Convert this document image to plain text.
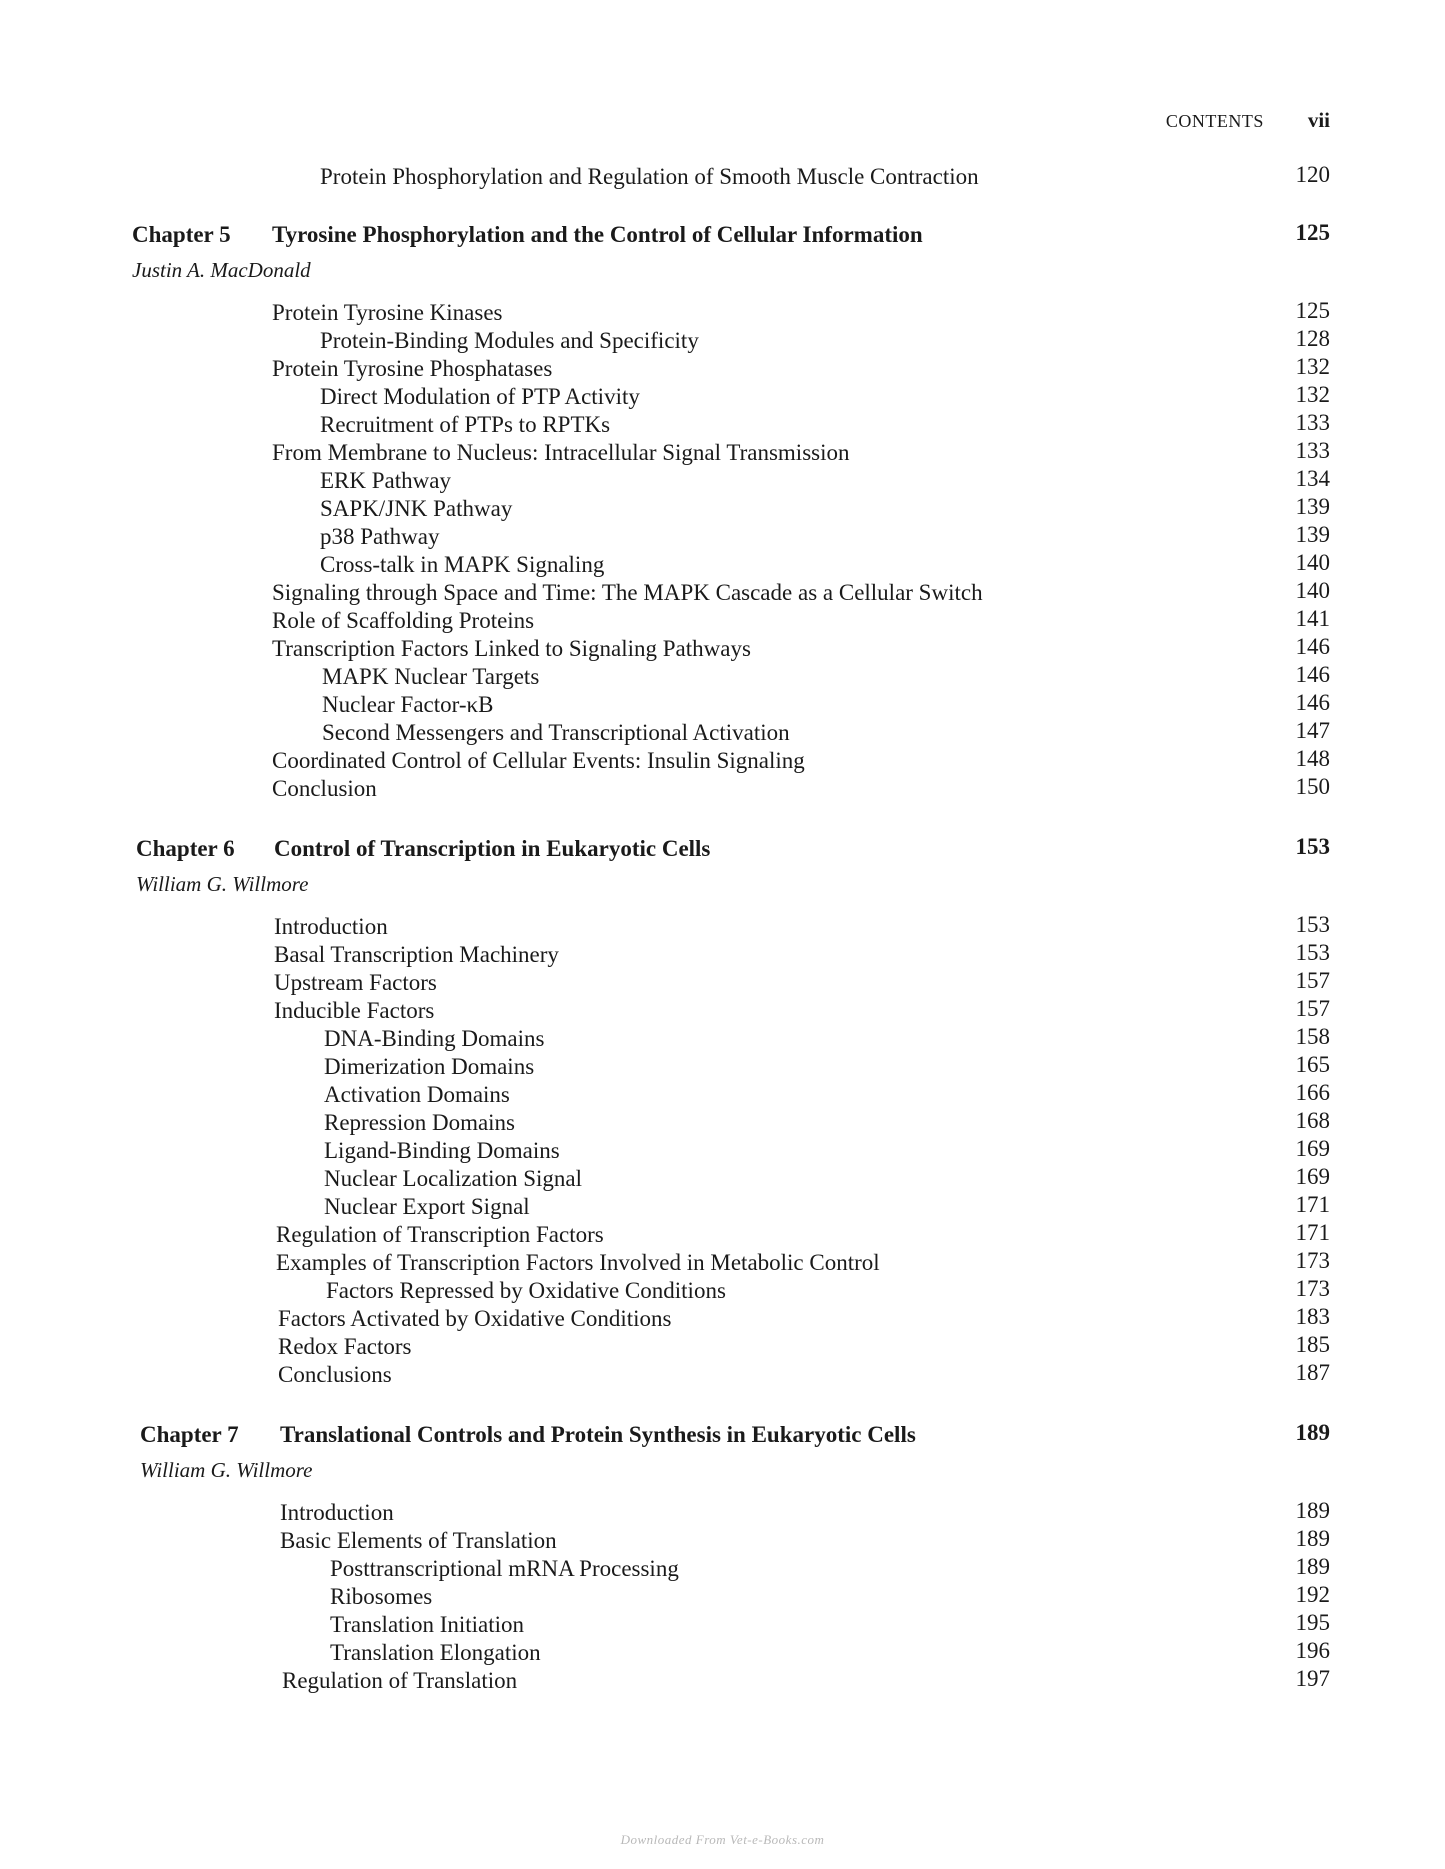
CONTENTS vii
Protein Phosphorylation and Regulation of Smooth Muscle Contraction	120
Chapter 5 Tyrosine Phosphorylation and the Control of Cellular Information	125
Justin A. MacDonald
Protein Tyrosine Kinases	125
Protein-Binding Modules and Specificity	128
Protein Tyrosine Phosphatases	132
Direct Modulation of PTP Activity	132
Recruitment of PTPs to RPTKs	133
From Membrane to Nucleus: Intracellular Signal Transmission	133
ERK Pathway	134
SAPK/JNK Pathway	139
p38 Pathway	139
Cross-talk in MAPK Signaling	140
Signaling through Space and Time: The MAPK Cascade as a Cellular Switch	140
Role of Scaffolding Proteins	141
Transcription Factors Linked to Signaling Pathways	146
MAPK Nuclear Targets	146
Nuclear Factor-κB	146
Second Messengers and Transcriptional Activation	147
Coordinated Control of Cellular Events: Insulin Signaling	148
Conclusion	150
Chapter 6 Control of Transcription in Eukaryotic Cells	153
William G. Willmore
Introduction	153
Basal Transcription Machinery	153
Upstream Factors	157
Inducible Factors	157
DNA-Binding Domains	158
Dimerization Domains	165
Activation Domains	166
Repression Domains	168
Ligand-Binding Domains	169
Nuclear Localization Signal	169
Nuclear Export Signal	171
Regulation of Transcription Factors	171
Examples of Transcription Factors Involved in Metabolic Control	173
Factors Repressed by Oxidative Conditions	173
Factors Activated by Oxidative Conditions	183
Redox Factors	185
Conclusions	187
Chapter 7 Translational Controls and Protein Synthesis in Eukaryotic Cells	189
William G. Willmore
Introduction	189
Basic Elements of Translation	189
Posttranscriptional mRNA Processing	189
Ribosomes	192
Translation Initiation	195
Translation Elongation	196
Regulation of Translation	197
Downloaded From Vet-e-Books.com
